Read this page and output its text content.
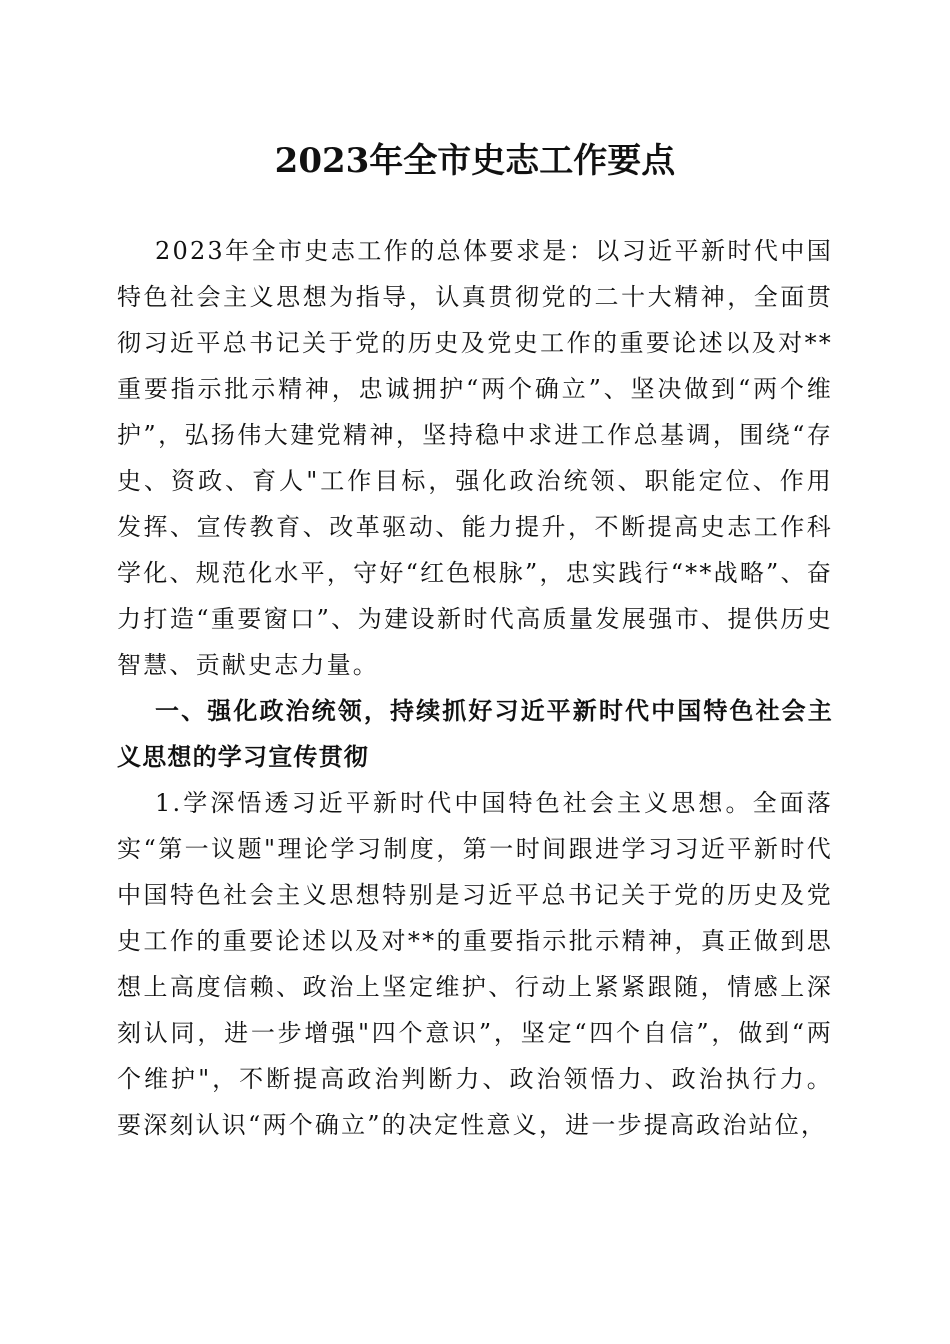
2023年全市史志工作要点

2023年全市史志工作的总体要求是：以习近平新时代中国特色社会主义思想为指导，认真贯彻党的二十大精神，全面贯彻习近平总书记关于党的历史及党史工作的重要论述以及对**重要指示批示精神，忠诚拥护“两个确立”、坚决做到“两个维护”，弘扬伟大建党精神，坚持稳中求进工作总基调，围绕“存史、资政、育人"工作目标，强化政治统领、职能定位、作用发挥、宣传教育、改革驱动、能力提升，不断提高史志工作科学化、规范化水平，守好“红色根脉”，忠实践行“**战略”、奋力打造“重要窗口”、为建设新时代高质量发展强市、提供历史智慧、贡献史志力量。

一、强化政治统领，持续抓好习近平新时代中国特色社会主义思想的学习宣传贯彻

1.学深悟透习近平新时代中国特色社会主义思想。全面落实“第一议题"理论学习制度，第一时间跟进学习习近平新时代中国特色社会主义思想特别是习近平总书记关于党的历史及党史工作的重要论述以及对**的重要指示批示精神，真正做到思想上高度信赖、政治上坚定维护、行动上紧紧跟随，情感上深刻认同，进一步增强"四个意识”，坚定“四个自信”，做到“两个维护"，不断提高政治判断力、政治领悟力、政治执行力。要深刻认识“两个确立”的决定性意义，进一步提高政治站位，
